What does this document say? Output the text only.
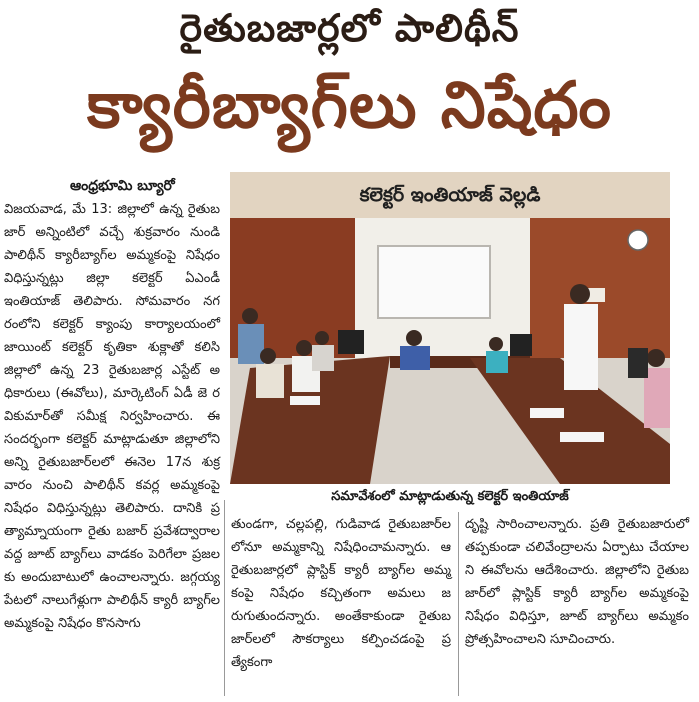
రైతుబజార్లలో పాలిథీన్
క్యారీబ్యాగ్‌లు నిషేధం
ఆంధ్రభూమి బ్యూరో

విజయవాడ, మే 13: జిల్లాలో ఉన్న రైతుబజార్ అన్నింటిలో వచ్చే శుక్రవారం నుండి పాలిథీన్ క్యారీబ్యాగ్‌ల అమ్మకంపై నిషేధం విధిస్తున్నట్లు జిల్లా కలెక్టర్ ఏఎండీ ఇంతియాజ్ తెలిపారు. సోమవారం నగరంలోని కలెక్టర్ క్యాంపు కార్యాలయంలో జాయింట్ కలెక్టర్ కృతికా శుక్లాతో కలిసి జిల్లాలో ఉన్న 23 రైతుబజార్ల ఎస్టేట్ అధికారులు (ఈవోలు), మార్కెటింగ్ ఏడీ జె రవికుమార్‌తో సమీక్ష నిర్వహించారు. ఈ సందర్భంగా కలెక్టర్ మాట్లాడుతూ జిల్లాలోని అన్ని రైతుబజార్‌లలో ఈనెల 17న శుక్రవారం నుంచి పాలిథీన్ కవర్ల అమ్మకంపై నిషేధం విధిస్తున్నట్లు తెలిపారు. దానికి ప్రత్యామ్నాయంగా రైతు బజార్ ప్రవేశద్వారాల వద్ద జూట్ బ్యాగ్‌లు వాడకం పెరిగేలా ప్రజలకు అందుబాటులో ఉంచాలన్నారు. జగ్గయ్యపేటలో నాలుగేళ్లుగా పాలిథీన్ క్యారీ బ్యాగ్‌ల అమ్మకంపై నిషేధం కొనసాగు

కలెక్టర్ ఇంతియాజ్ వెల్లడి
సమావేశంలో మాట్లాడుతున్న కలెక్టర్ ఇంతియాజ్

తుండగా, చల్లపల్లి, గుడివాడ రైతుబజార్‌లలోనూ అమ్మకాన్ని నిషేధించామన్నారు. ఆ రైతుబజార్లలో ప్లాస్టిక్ క్యారీ బ్యాగ్‌ల అమ్మకంపై నిషేధం కచ్చితంగా అమలు జరుగుతుందన్నారు. అంతేకాకుండా రైతుబజార్‌లలో సౌకర్యాలు కల్పించడంపై ప్రత్యేకంగా

దృష్టి సారించాలన్నారు. ప్రతి రైతుబజారులో తప్పకుండా చలివేంద్రాలను ఏర్పాటు చేయాలని ఈవోలను ఆదేశించారు. జిల్లాలోని రైతుబజార్‌లో ప్లాస్టిక్ క్యారీ బ్యాగ్‌ల అమ్మకంపై నిషేధం విధిస్తూ, జూట్ బ్యాగ్‌లు అమ్మకం ప్రోత్సహించాలని సూచించారు.
